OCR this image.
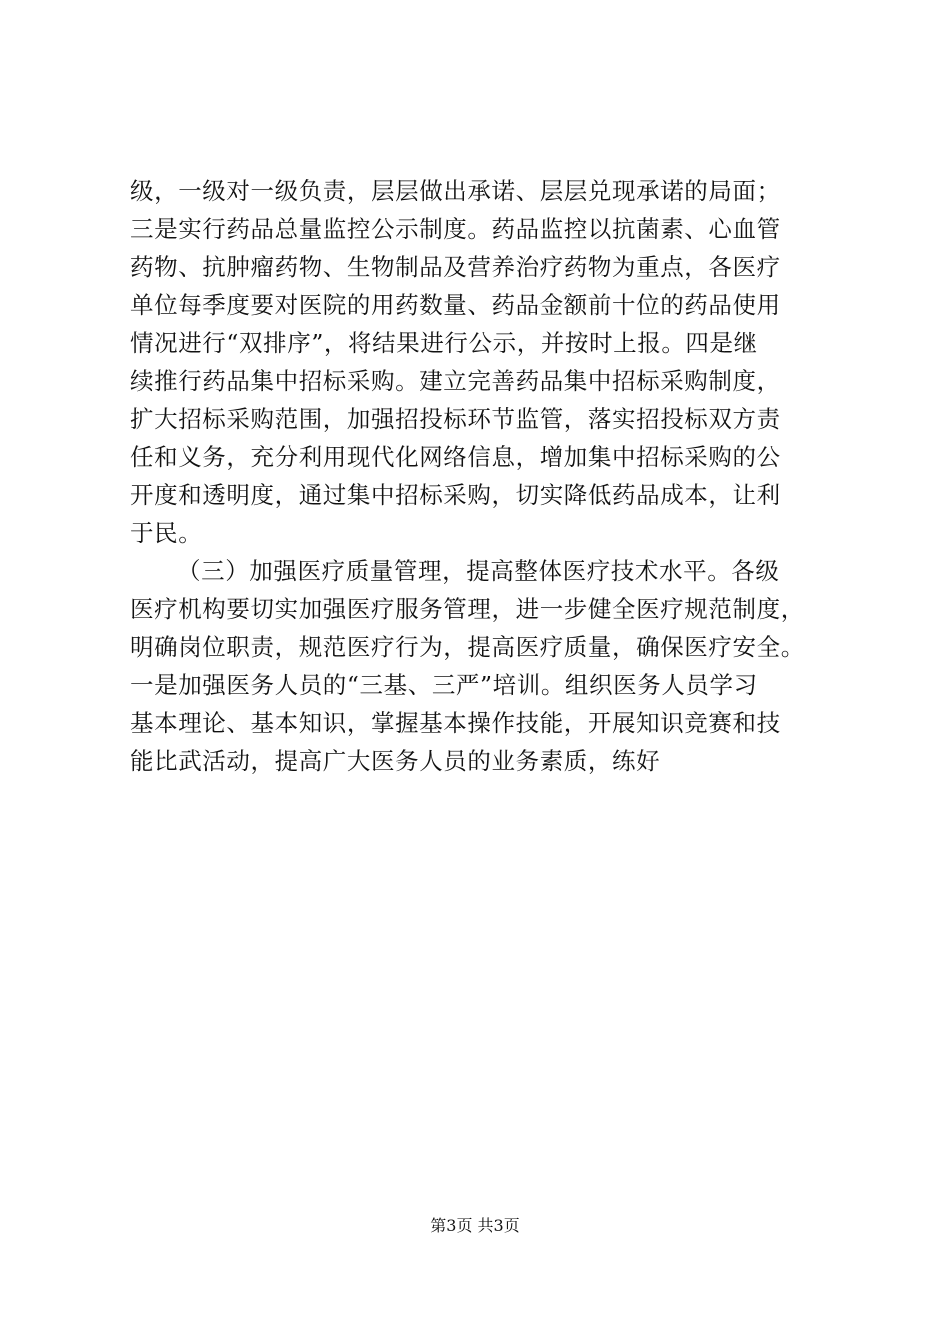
级，一级对一级负责，层层做出承诺、层层兑现承诺的局面；
三是实行药品总量监控公示制度。药品监控以抗菌素、心血管
药物、抗肿瘤药物、生物制品及营养治疗药物为重点，各医疗
单位每季度要对医院的用药数量、药品金额前十位的药品使用
情况进行“双排序”，将结果进行公示，并按时上报。四是继
续推行药品集中招标采购。建立完善药品集中招标采购制度，
扩大招标采购范围，加强招投标环节监管，落实招投标双方责
任和义务，充分利用现代化网络信息，增加集中招标采购的公
开度和透明度，通过集中招标采购，切实降低药品成本，让利
于民。
（三）加强医疗质量管理，提高整体医疗技术水平。各级
医疗机构要切实加强医疗服务管理，进一步健全医疗规范制度，
明确岗位职责，规范医疗行为，提高医疗质量，确保医疗安全。
一是加强医务人员的“三基、三严”培训。组织医务人员学习
基本理论、基本知识，掌握基本操作技能，开展知识竞赛和技
能比武活动，提高广大医务人员的业务素质，练好
第3页 共3页
